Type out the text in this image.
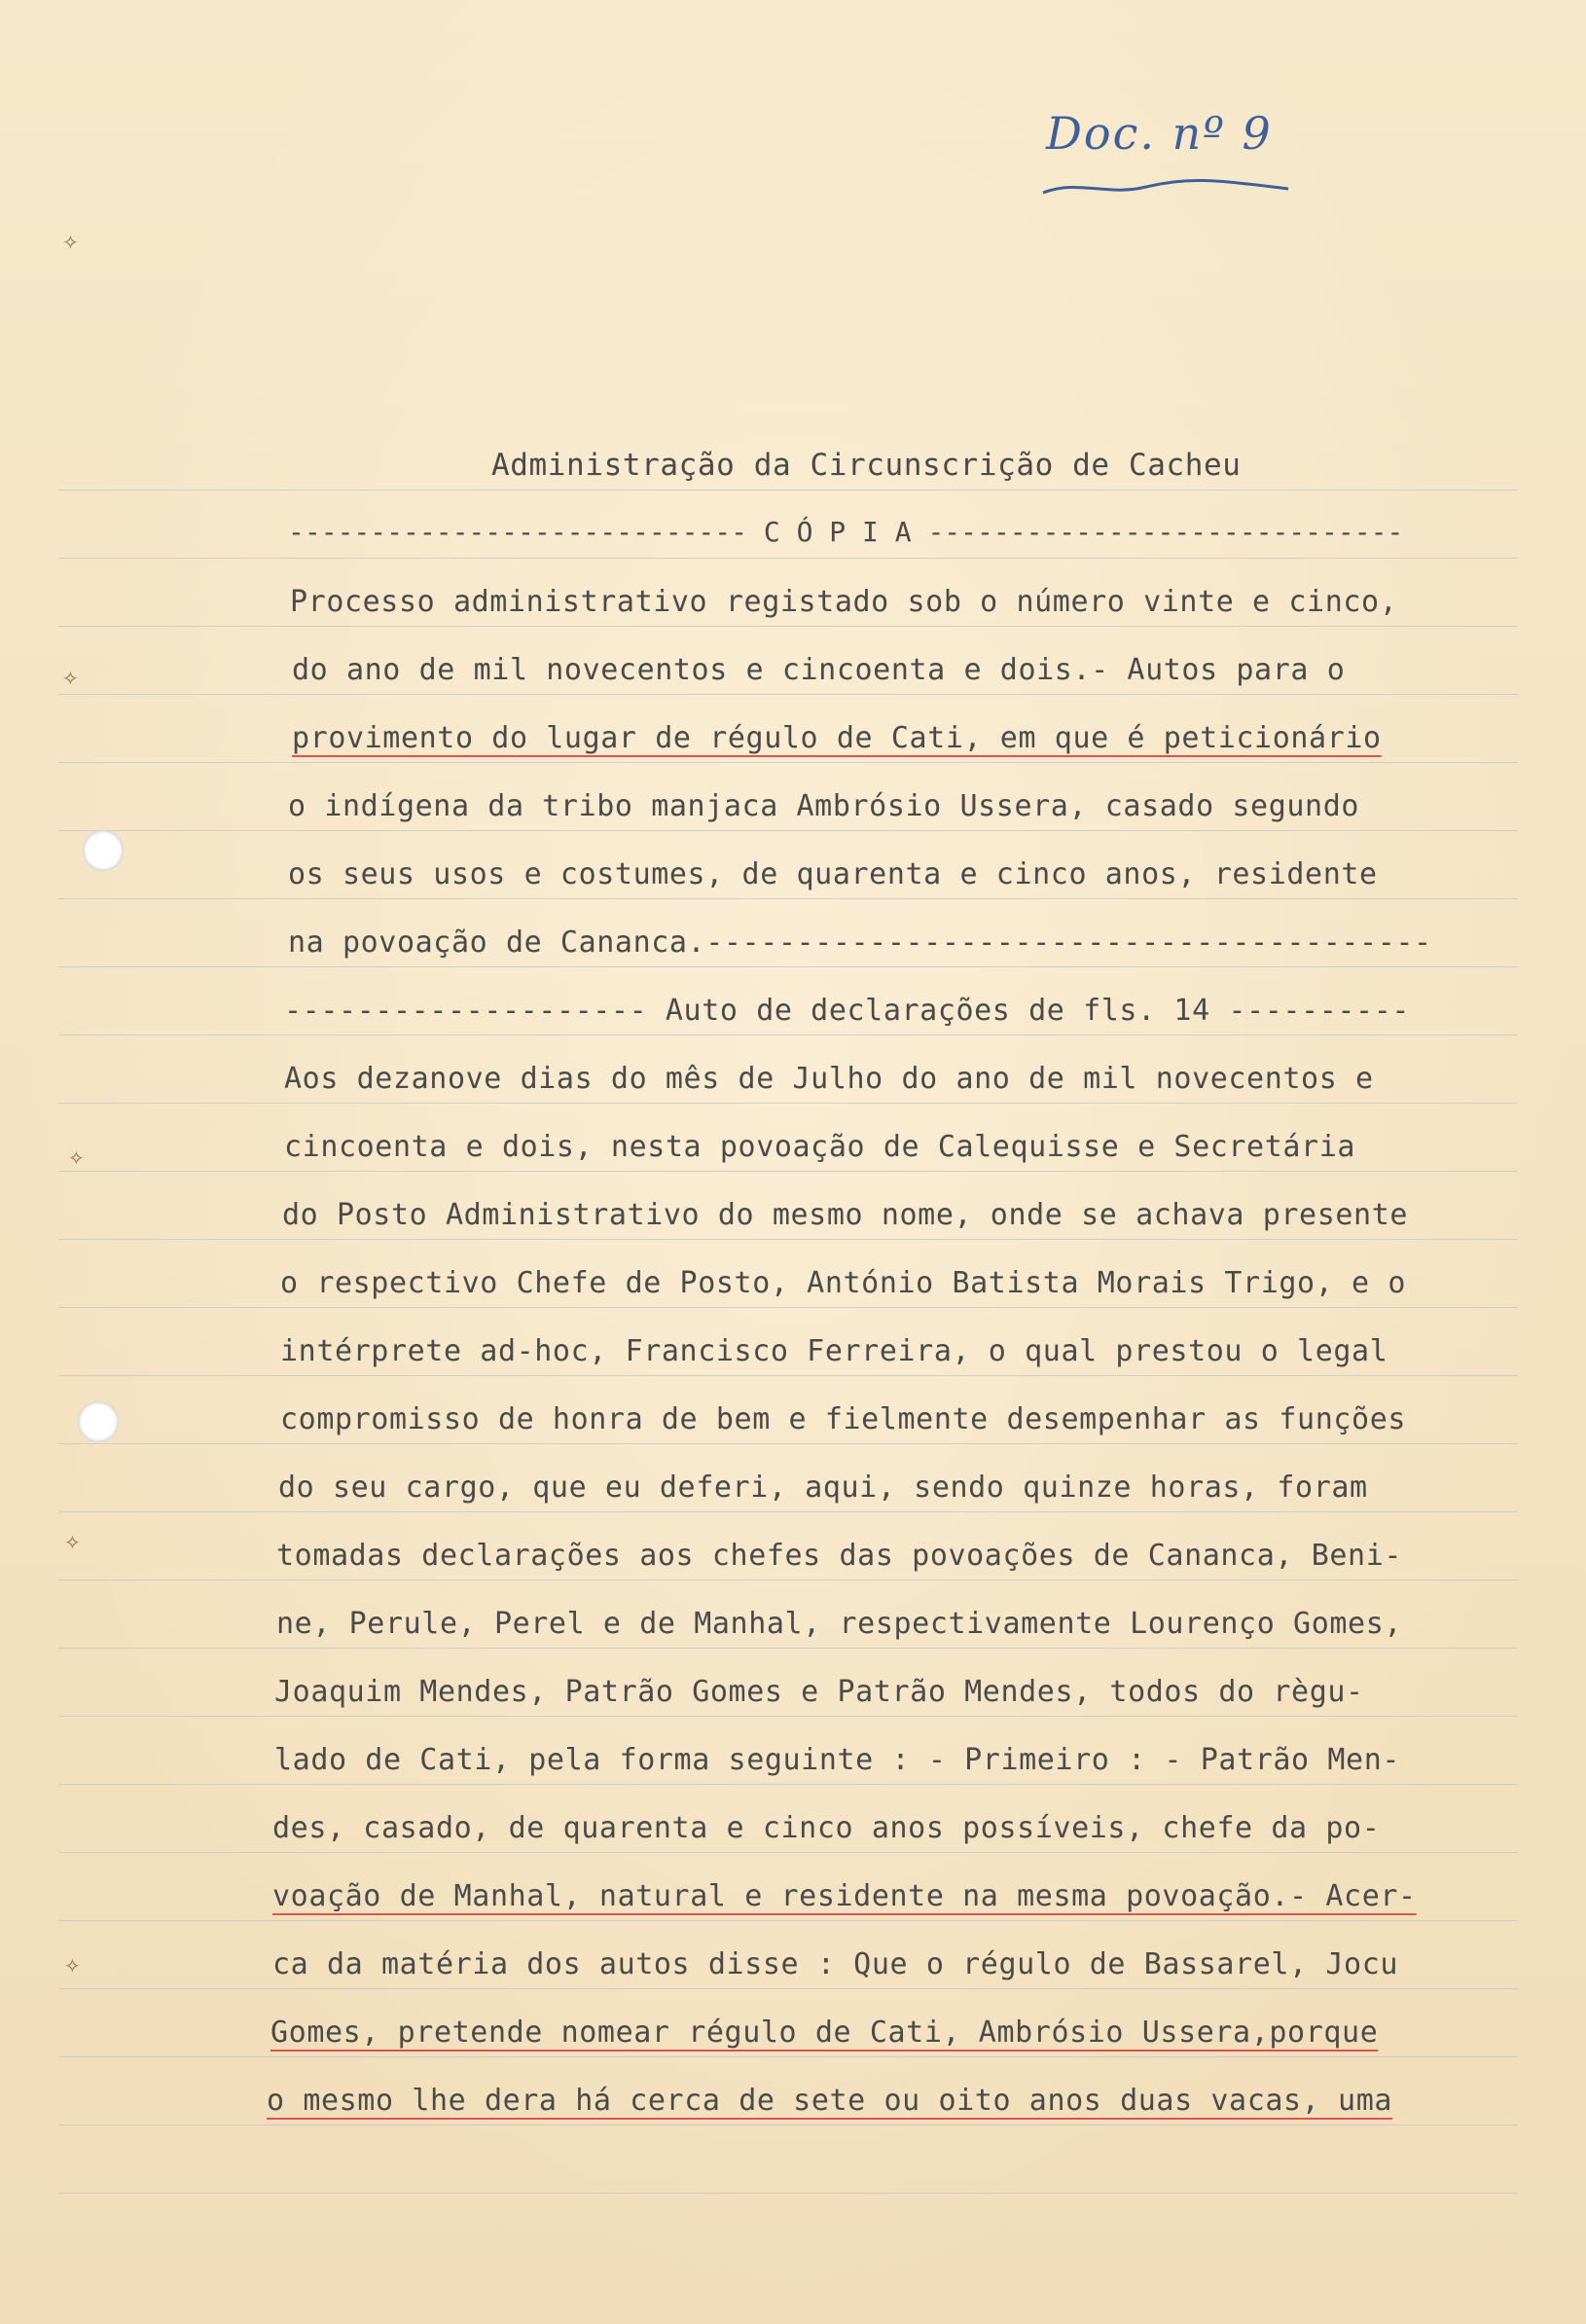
✧
✧
✧
✧
✧
Doc. nº 9
Administração da Circunscrição de Cacheu
---------------------------- C Ó P I A -----------------------------
Processo administrativo registado sob o número vinte e cinco,
do ano de mil novecentos e cincoenta e dois.- Autos para o
provimento do lugar de régulo de Cati, em que é peticionário
o indígena da tribo manjaca Ambrósio Ussera, casado segundo
os seus usos e costumes, de quarenta e cinco anos, residente
na povoação de Cananca.----------------------------------------
-------------------- Auto de declarações de fls. 14 ----------
Aos dezanove dias do mês de Julho do ano de mil novecentos e
cincoenta e dois, nesta povoação de Calequisse e Secretária
do Posto Administrativo do mesmo nome, onde se achava presente
o respectivo Chefe de Posto, António Batista Morais Trigo, e o
intérprete ad-hoc, Francisco Ferreira, o qual prestou o legal
compromisso de honra de bem e fielmente desempenhar as funções
do seu cargo, que eu deferi, aqui, sendo quinze horas, foram
tomadas declarações aos chefes das povoações de Cananca, Beni-
ne, Perule, Perel e de Manhal, respectivamente Lourenço Gomes,
Joaquim Mendes, Patrão Gomes e Patrão Mendes, todos do règu-
lado de Cati, pela forma seguinte : - Primeiro : - Patrão Men-
des, casado, de quarenta e cinco anos possíveis, chefe da po-
voação de Manhal, natural e residente na mesma povoação.- Acer-
ca da matéria dos autos disse : Que o régulo de Bassarel, Jocu
Gomes, pretende nomear régulo de Cati, Ambrósio Ussera,porque
o mesmo lhe dera há cerca de sete ou oito anos duas vacas, uma
